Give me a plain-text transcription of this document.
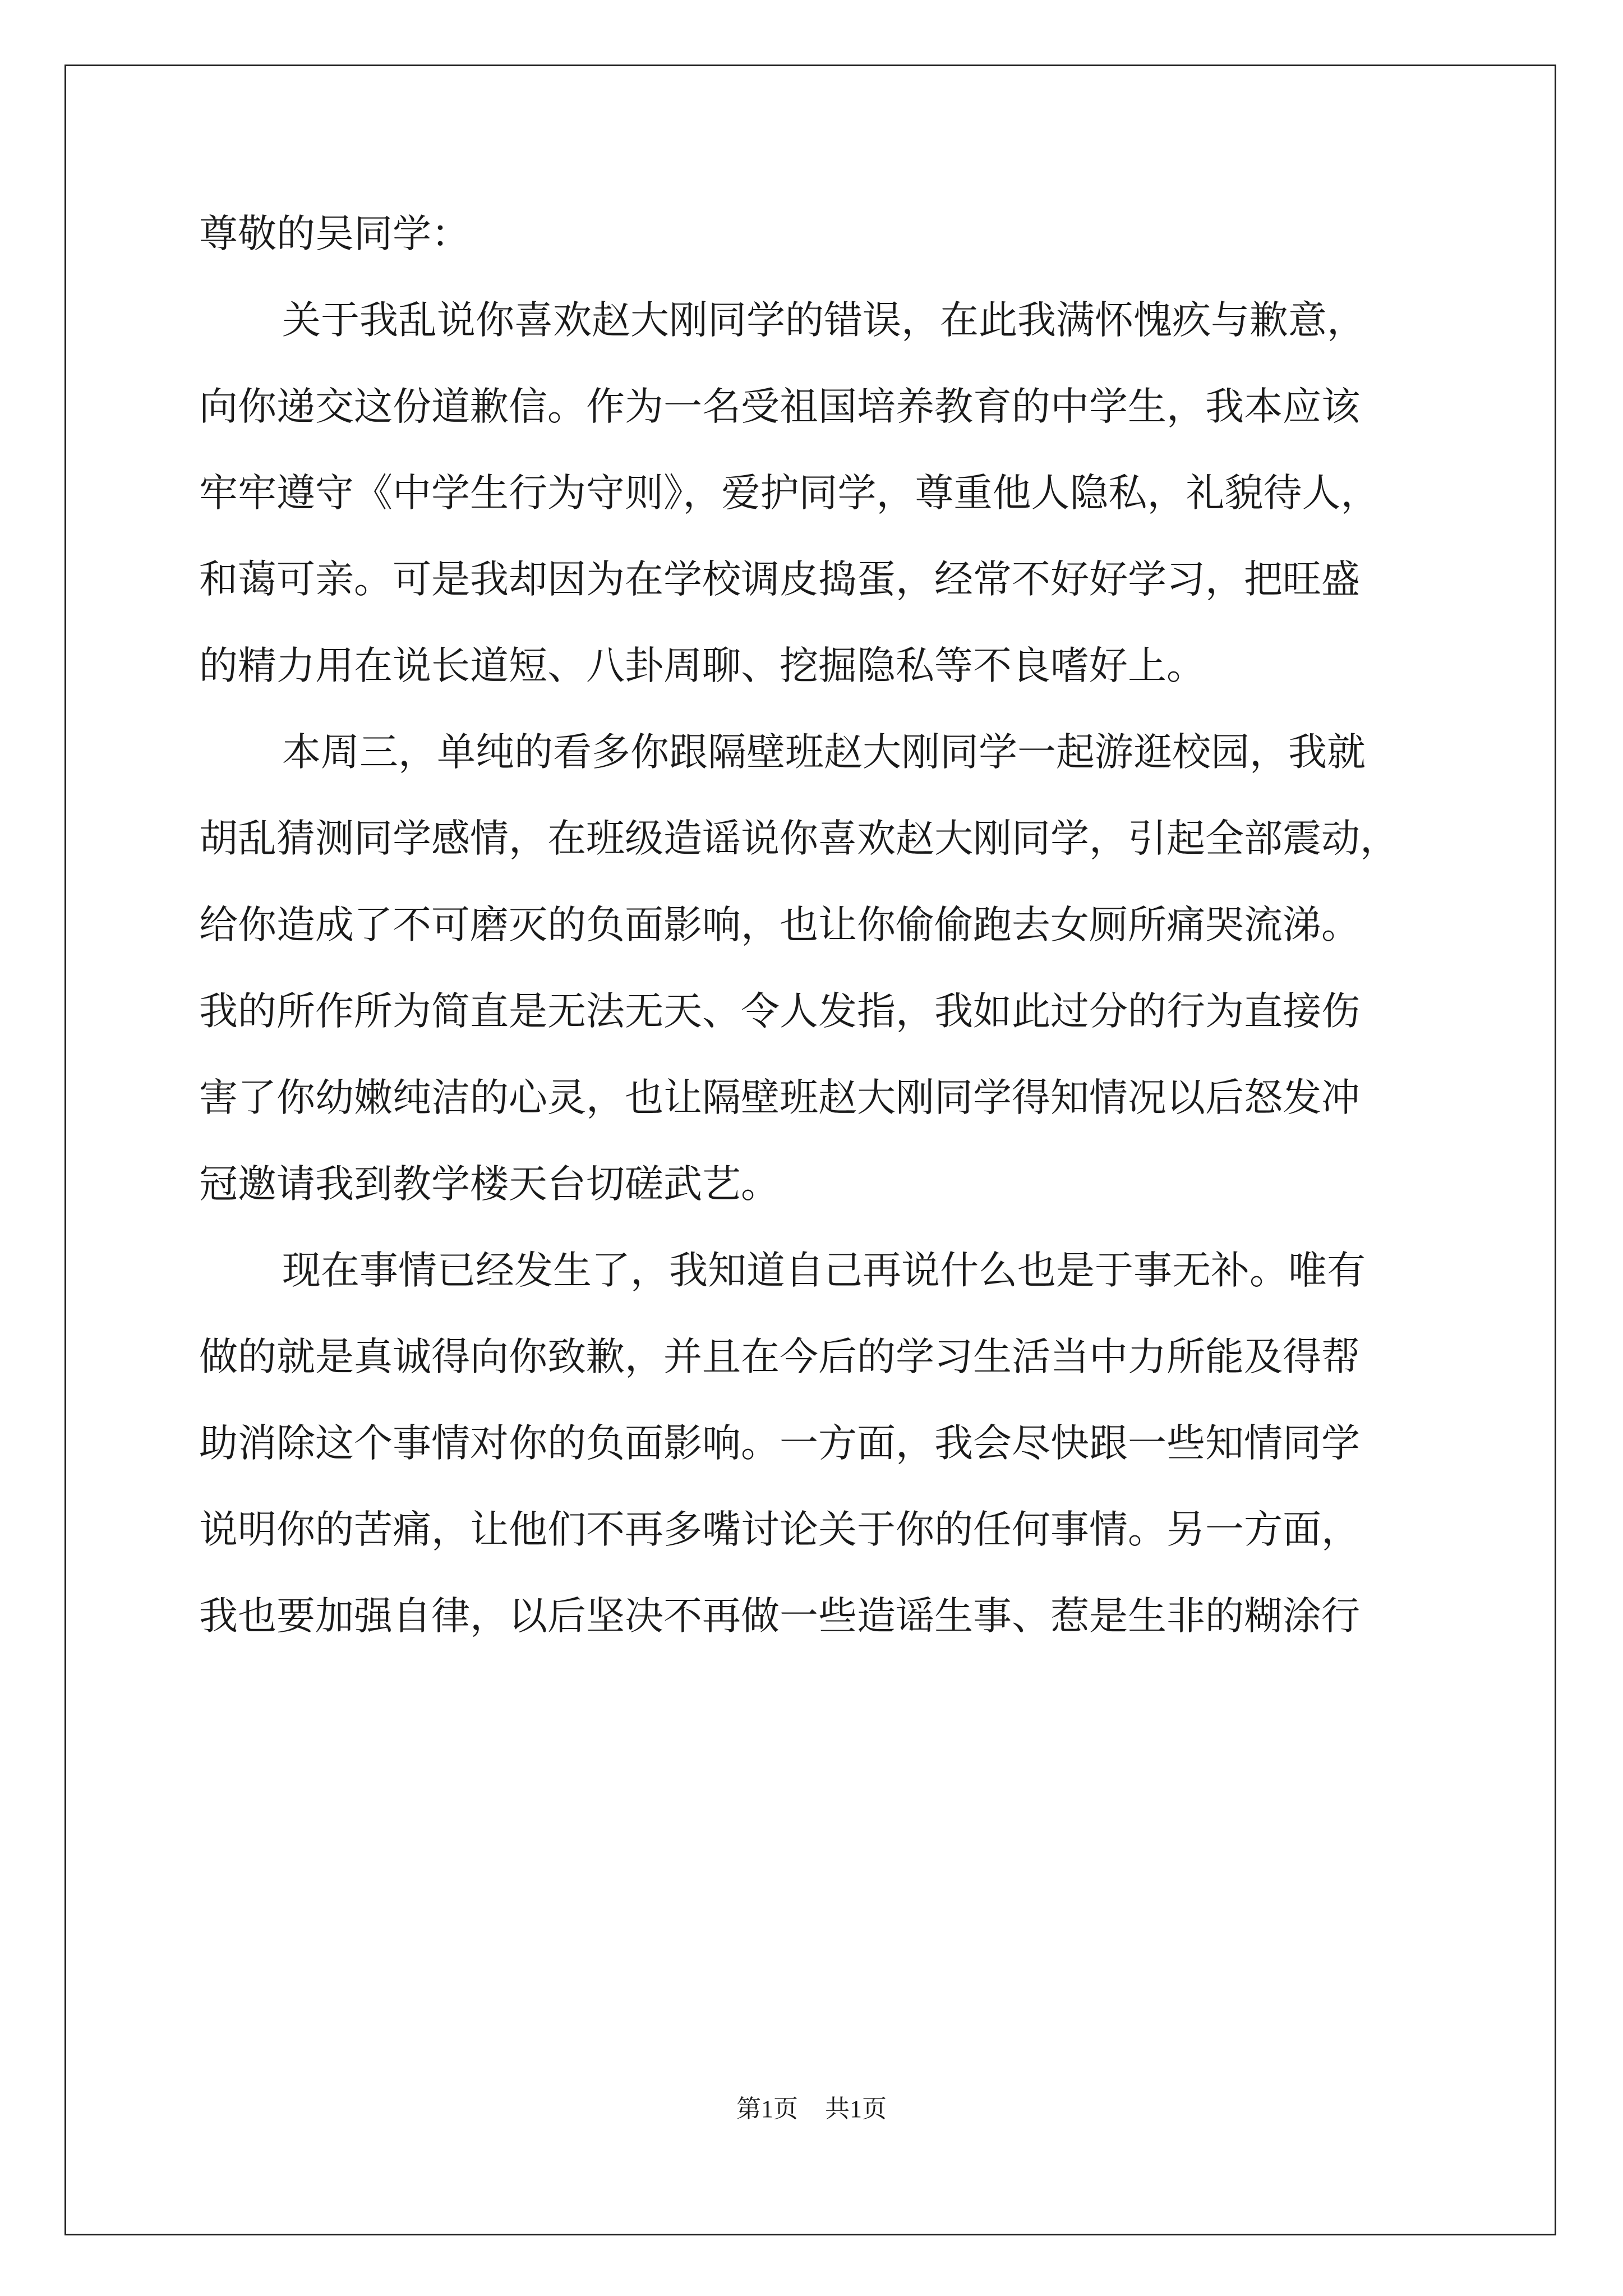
尊敬的吴同学：

关于我乱说你喜欢赵大刚同学的错误，在此我满怀愧疚与歉意，

向你递交这份道歉信。作为一名受祖国培养教育的中学生，我本应该

牢牢遵守《中学生行为守则》，爱护同学，尊重他人隐私，礼貌待人，

和蔼可亲。可是我却因为在学校调皮捣蛋，经常不好好学习，把旺盛

的精力用在说长道短、八卦周聊、挖掘隐私等不良嗜好上。

本周三，单纯的看多你跟隔壁班赵大刚同学一起游逛校园，我就

胡乱猜测同学感情，在班级造谣说你喜欢赵大刚同学，引起全部震动，

给你造成了不可磨灭的负面影响，也让你偷偷跑去女厕所痛哭流涕。

我的所作所为简直是无法无天、令人发指，我如此过分的行为直接伤

害了你幼嫩纯洁的心灵，也让隔壁班赵大刚同学得知情况以后怒发冲

冠邀请我到教学楼天台切磋武艺。

现在事情已经发生了，我知道自己再说什么也是于事无补。唯有

做的就是真诚得向你致歉，并且在今后的学习生活当中力所能及得帮

助消除这个事情对你的负面影响。一方面，我会尽快跟一些知情同学

说明你的苦痛，让他们不再多嘴讨论关于你的任何事情。另一方面，

我也要加强自律，以后坚决不再做一些造谣生事、惹是生非的糊涂行

第1页 共1页
